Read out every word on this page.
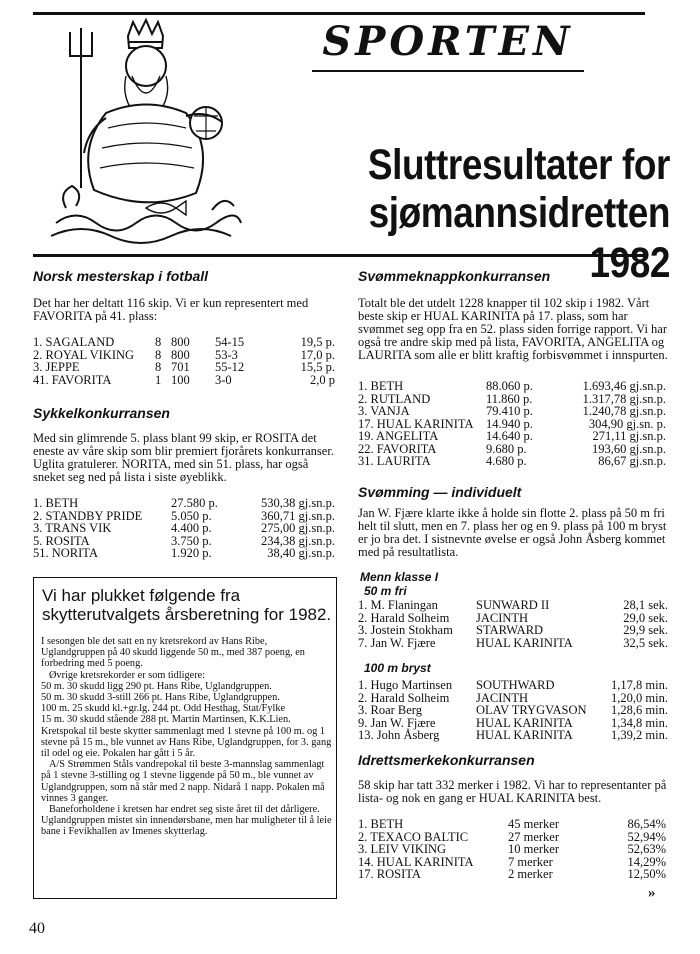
SPORTEN
Sluttresultater for
sjømannsidretten 1982
Norsk mesterskap i fotball
Det har her deltatt 116 skip. Vi er kun representert med FAVORITA på 41. plass:
1. SAGALAND	8	800	54-15	19,5 p.
2. ROYAL VIKING	8	800	53-3	17,0 p.
3. JEPPE	8	701	55-12	15,5 p.
41. FAVORITA	1	100	3-0	2,0 p
Sykkelkonkurransen
Med sin glimrende 5. plass blant 99 skip, er ROSITA det eneste av våre skip som blir premiert fjorårets konkurranser. Uglita gratulerer. NORITA, med sin 51. plass, har også sneket seg ned på lista i siste øyeblikk.
1. BETH	27.580 p.	530,38 gj.sn.p.
2. STANDBY PRIDE	5.050 p.	360,71 gj.sn.p.
3. TRANS VIK	4.400 p.	275,00 gj.sn.p.
5. ROSITA	3.750 p.	234,38 gj.sn.p.
51. NORITA	1.920 p.	38,40 gj.sn.p.
Vi har plukket følgende fra skytterutvalgets årsberetning for 1982.

I sesongen ble det satt en ny kretsrekord av Hans Ribe, Uglandgruppen på 40 skudd liggende 50 m., med 387 poeng, en forbedring med 5 poeng.

Øvrige kretsrekorder er som tidligere:

50 m. 30 skudd ligg 290 pt. Hans Ribe, Uglandgruppen.

50 m. 30 skudd 3-still 266 pt. Hans Ribe, Uglandgruppen.

100 m. 25 skudd kl.+gr.lg. 244 pt. Odd Hesthag, Stat/Fylke

15 m. 30 skudd stående 288 pt. Martin Martinsen, K.K.Lien.

Kretspokal til beste skytter sammenlagt med 1 stevne på 100 m. og 1 stevne på 15 m., ble vunnet av Hans Ribe, Uglandgruppen, for 3. gang til odel og eie. Pokalen har gått i 5 år.

A/S Strømmen Ståls vandrepokal til beste 3-mannslag sammenlagt på 1 stevne 3-stilling og 1 stevne liggende på 50 m., ble vunnet av Uglandgruppen, som nå står med 2 napp. Nidarå 1 napp. Pokalen må vinnes 3 ganger.

Baneforholdene i kretsen har endret seg siste året til det dårligere. Uglandgruppen mistet sin innendørsbane, men har muligheter til å leie bane i Fevikhallen av Imenes skytterlag.

Svømmeknappkonkurransen
Totalt ble det utdelt 1228 knapper til 102 skip i 1982. Vårt beste skip er HUAL KARINITA på 17. plass, som har svømmet seg opp fra en 52. plass siden forrige rapport. Vi har også tre andre skip med på lista, FAVORITA, ANGELITA og LAURITA som alle er blitt kraftig forbisvømmet i innspurten.
1. BETH	88.060 p.	1.693,46 gj.sn.p.
2. RUTLAND	11.860 p.	1.317,78 gj.sn.p.
3. VANJA	79.410 p.	1.240,78 gj.sn.p.
17. HUAL KARINITA	14.940 p.	304,90 gj.sn. p.
19. ANGELITA	14.640 p.	271,11 gj.sn.p.
22. FAVORITA	9.680 p.	193,60 gj.sn.p.
31. LAURITA	4.680 p.	86,67 gj.sn.p.
Svømming — individuelt
Jan W. Fjære klarte ikke å holde sin flotte 2. plass på 50 m fri helt til slutt, men en 7. plass her og en 9. plass på 100 m bryst er jo bra det. I sistnevnte øvelse er også John Åsberg kommet med på resultatlista.
Menn klasse I
50 m fri
1. M. Flaningan	SUNWARD II	28,1 sek.
2. Harald Solheim	JACINTH	29,0 sek.
3. Jostein Stokham	STARWARD	29,9 sek.
7. Jan W. Fjære	HUAL KARINITA	32,5 sek.
100 m bryst
1. Hugo Martinsen	SOUTHWARD	1,17,8 min.
2. Harald Solheim	JACINTH	1,20,0 min.
3. Roar Berg	OLAV TRYGVASON	1,28,6 min.
9. Jan W. Fjære	HUAL KARINITA	1,34,8 min.
13. John Åsberg	HUAL KARINITA	1,39,2 min.
Idrettsmerkekonkurransen
58 skip har tatt 332 merker i 1982. Vi har to representanter på lista- og nok en gang er HUAL KARINITA best.
1. BETH	45 merker	86,54%
2. TEXACO BALTIC	27 merker	52,94%
3. LEIV VIKING	10 merker	52,63%
14. HUAL KARINITA	7 merker	14,29%
17. ROSITA	2 merker	12,50%
»
40
